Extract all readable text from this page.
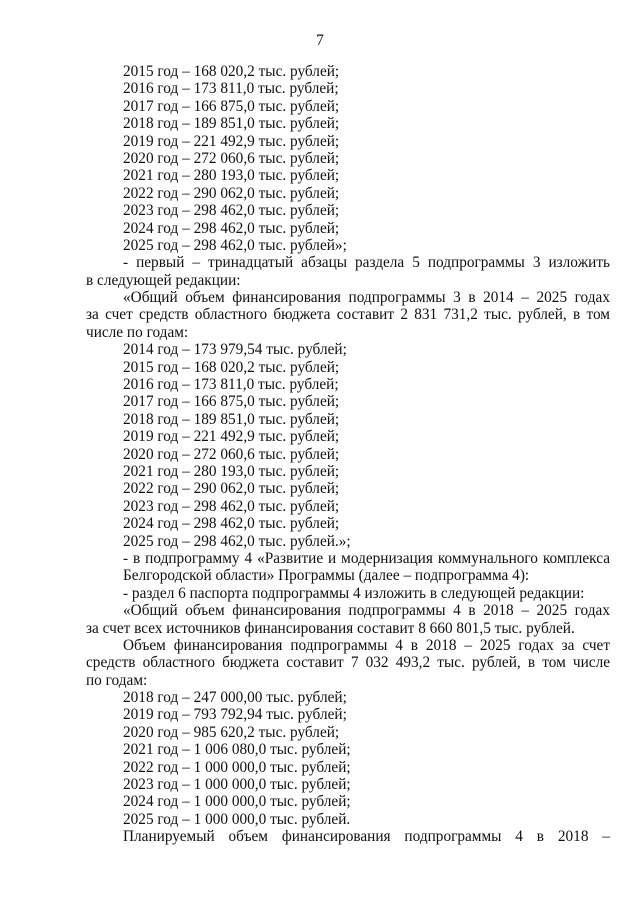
7
2015 год – 168 020,2 тыс. рублей;
2016 год – 173 811,0 тыс. рублей;
2017 год – 166 875,0 тыс. рублей;
2018 год – 189 851,0 тыс. рублей;
2019 год – 221 492,9 тыс. рублей;
2020 год – 272 060,6 тыс. рублей;
2021 год – 280 193,0 тыс. рублей;
2022 год – 290 062,0 тыс. рублей;
2023 год – 298 462,0 тыс. рублей;
2024 год – 298 462,0 тыс. рублей;
2025 год – 298 462,0 тыс. рублей»;
- первый – тринадцатый абзацы раздела 5 подпрограммы 3 изложить
в следующей редакции:
«Общий объем финансирования подпрограммы 3 в 2014 – 2025 годах
за счет средств областного бюджета составит 2 831 731,2 тыс. рублей, в том
числе по годам:
2014 год – 173 979,54 тыс. рублей;
2015 год – 168 020,2 тыс. рублей;
2016 год – 173 811,0 тыс. рублей;
2017 год – 166 875,0 тыс. рублей;
2018 год – 189 851,0 тыс. рублей;
2019 год – 221 492,9 тыс. рублей;
2020 год – 272 060,6 тыс. рублей;
2021 год – 280 193,0 тыс. рублей;
2022 год – 290 062,0 тыс. рублей;
2023 год – 298 462,0 тыс. рублей;
2024 год – 298 462,0 тыс. рублей;
2025 год – 298 462,0 тыс. рублей.»;
- в подпрограмму 4 «Развитие и модернизация коммунального комплекса
Белгородской области» Программы (далее – подпрограмма 4):
- раздел 6 паспорта подпрограммы 4 изложить в следующей редакции:
«Общий объем финансирования подпрограммы 4 в 2018 – 2025 годах
за счет всех источников финансирования составит 8 660 801,5 тыс. рублей.
Объем финансирования подпрограммы 4 в 2018 – 2025 годах за счет
средств областного бюджета составит 7 032 493,2 тыс. рублей, в том числе
по годам:
2018 год – 247 000,00 тыс. рублей;
2019 год – 793 792,94 тыс. рублей;
2020 год – 985 620,2 тыс. рублей;
2021 год – 1 006 080,0 тыс. рублей;
2022 год – 1 000 000,0 тыс. рублей;
2023 год – 1 000 000,0 тыс. рублей;
2024 год – 1 000 000,0 тыс. рублей;
2025 год – 1 000 000,0 тыс. рублей.
Планируемый объем финансирования подпрограммы 4 в 2018 –
